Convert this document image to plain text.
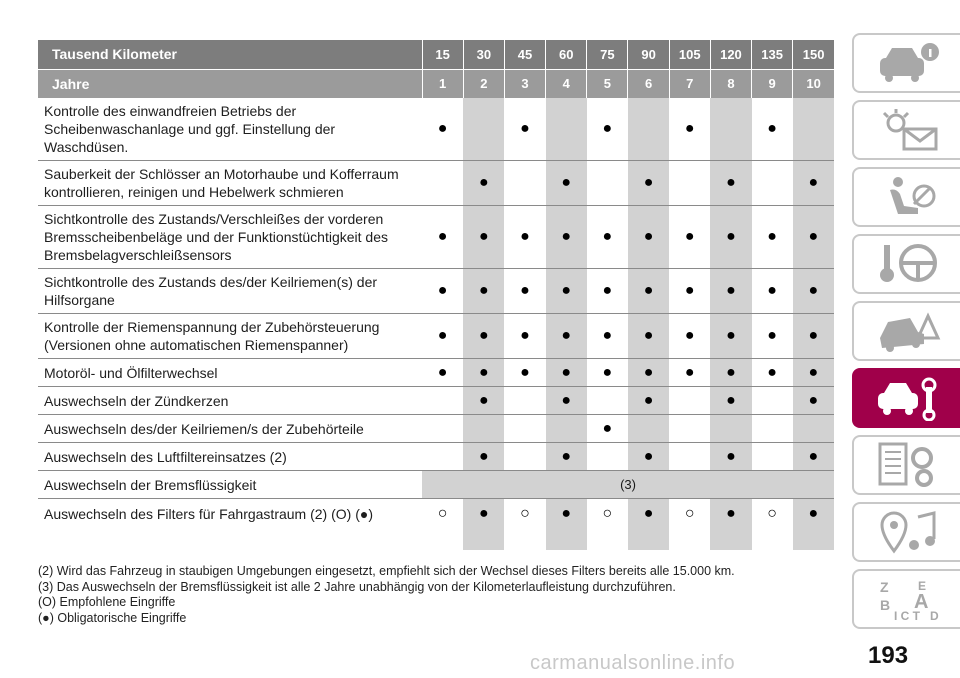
Tausend Kilometer	15	30	45	60	75	90	105	120	135	150
Jahre	1	2	3	4	5	6	7	8	9	10
Kontrolle des einwandfreien Betriebs der Scheibenwaschanlage und ggf. Einstellung der Waschdüsen.	●		●		●		●		●	
Sauberkeit der Schlösser an Motorhaube und Kofferraum kontrollieren, reinigen und Hebelwerk schmieren		●		●		●		●		●
Sichtkontrolle des Zustands/Verschleißes der vorderen Bremsscheibenbeläge und der Funktionstüchtigkeit des Bremsbelagverschleißsensors	●	●	●	●	●	●	●	●	●	●
Sichtkontrolle des Zustands des/der Keilriemen(s) der Hilfsorgane	●	●	●	●	●	●	●	●	●	●
Kontrolle der Riemenspannung der Zubehörsteuerung (Versionen ohne automatischen Riemenspanner)	●	●	●	●	●	●	●	●	●	●
Motoröl- und Ölfilterwechsel	●	●	●	●	●	●	●	●	●	●
Auswechseln der Zündkerzen		●		●		●		●		●
Auswechseln des/der Keilriemen/s der Zubehörteile					●					
Auswechseln des Luftfiltereinsatzes (2)		●		●		●		●		●
Auswechseln der Bremsflüssigkeit	(3)									
Auswechseln des Filters für Fahrgastraum (2) (O) (●)	○	●	○	●	○	●	○	●	○	●
(2) Wird das Fahrzeug in staubigen Umgebungen eingesetzt, empfiehlt sich der Wechsel dieses Filters bereits alle 15.000 km.
(3) Das Auswechseln der Bremsflüssigkeit ist alle 2 Jahre unabhängig von der Kilometerlaufleistung durchzuführen.
(O) Empfohlene Eingriffe
(●) Obligatorische Eingriffe
Z E
B A
I C T D
193
carmanualsonline.info
